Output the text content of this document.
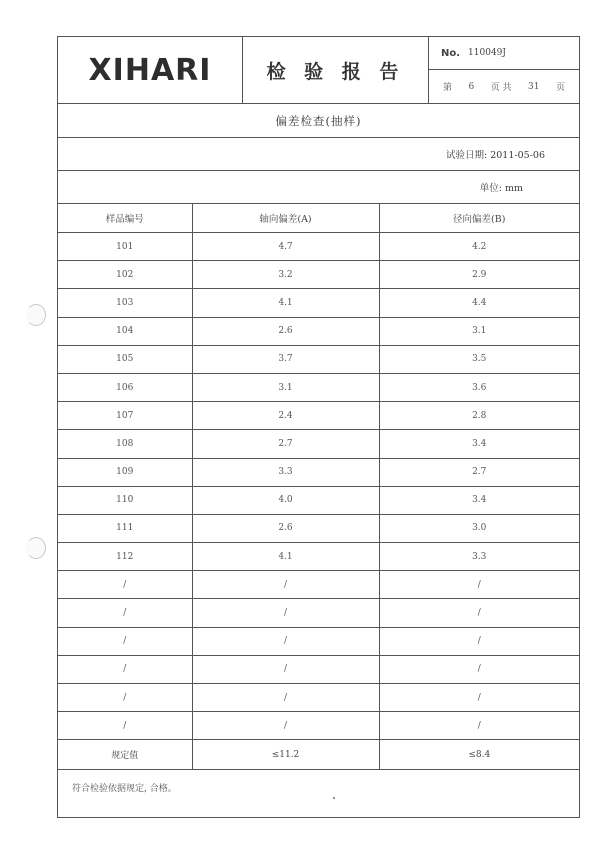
XIHARI	检 验 报 告
No. 110049J
第 6 页 共 31 页
偏差检查(抽样)
试验日期: 2011-05-06
单位: mm
样品编号	轴向偏差(A)	径向偏差(B)
101	4.7	4.2
102	3.2	2.9
103	4.1	4.4
104	2.6	3.1
105	3.7	3.5
106	3.1	3.6
107	2.4	2.8
108	2.7	3.4
109	3.3	2.7
110	4.0	3.4
111	2.6	3.0
112	4.1	3.3
/	/	/
/	/	/
/	/	/
/	/	/
/	/	/
/	/	/
规定值	≤11.2	≤8.4
符合检验依据规定, 合格。
